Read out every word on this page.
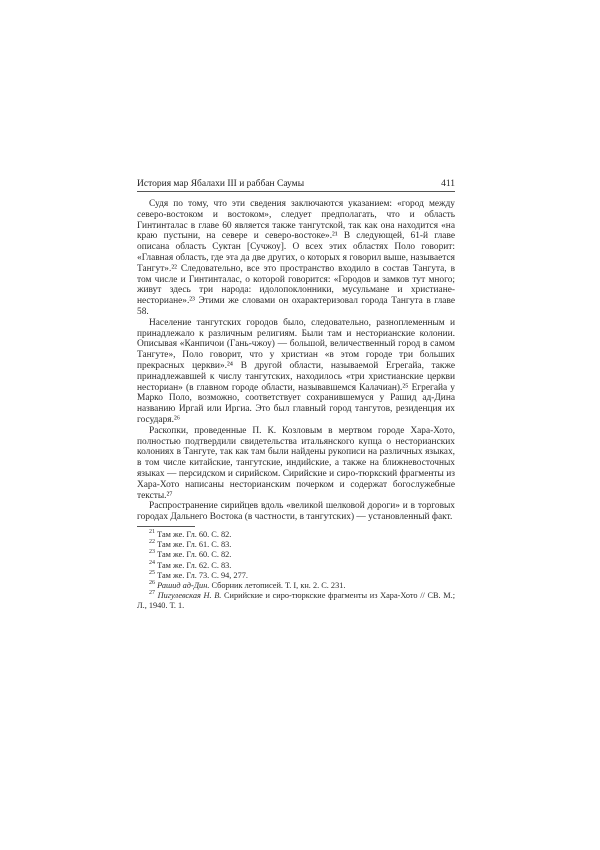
История мар Ябалахи III и раббан Саумы	411

Судя по тому, что эти сведения заключаются указанием: «город между северо-востоком и востоком», следует предполагать, что и область Гинтинталас в главе 60 является также тангутской, так как она находится «на краю пустыни, на севере и северо-востоке».²¹ В следующей, 61-й главе описана область Суктан [Сучжоу]. О всех этих областях Поло говорит: «Главная область, где эта да две других, о которых я говорил выше, называется Тангут».²² Следовательно, все это пространство входило в состав Тангута, в том числе и Гинтинталас, о которой говорится: «Городов и замков тут много; живут здесь три народа: идолопоклонники, мусульмане и христиане-несториане».²³ Этими же словами он охарактеризовал города Тангута в главе 58.

Население тангутских городов было, следовательно, разноплеменным и принадлежало к различным религиям. Были там и несторианские колонии. Описывая «Канпичои (Гань-чжоу) — большой, величественный город в самом Тангуте», Поло говорит, что у христиан «в этом городе три больших прекрасных церкви».²⁴ В другой области, называемой Егрегайа, также принадлежавшей к числу тангутских, находилось «три христианские церкви несториан» (в главном городе области, называвшемся Калачиан).²⁵ Егрегайа у Марко Поло, возможно, соответствует сохранившемуся у Рашид ад-Дина названию Иргай или Иргиа. Это был главный город тангутов, резиденция их государя.²⁶

Раскопки, проведенные П. К. Козловым в мертвом городе Хара-Хото, полностью подтвердили свидетельства итальянского купца о несторианских колониях в Тангуте, так как там были найдены рукописи на различных языках, в том числе китайские, тангутские, индийские, а также на ближневосточных языках — персидском и сирийском. Сирийские и сиро-тюркский фрагменты из Хара-Хото написаны несторианским почерком и содержат богослужебные тексты.²⁷

Распространение сирийцев вдоль «великой шелковой дороги» и в торговых городах Дальнего Востока (в частности, в тангутских) — установленный факт.

$^{21}$ Там же. Гл. 60. С. 82.

$^{22}$ Там же. Гл. 61. С. 83.

$^{23}$ Там же. Гл. 60. С. 82.

$^{24}$ Там же. Гл. 62. С. 83.

$^{25}$ Там же. Гл. 73. С. 94, 277.

$^{26}$ Рашид ад-Дин. Сборник летописей. Т. I, кн. 2. С. 231.

$^{27}$ Пигулевская Н. В. Сирийские и сиро-тюркские фрагменты из Хара-Хото // СВ. М.; Л., 1940. Т. 1.
